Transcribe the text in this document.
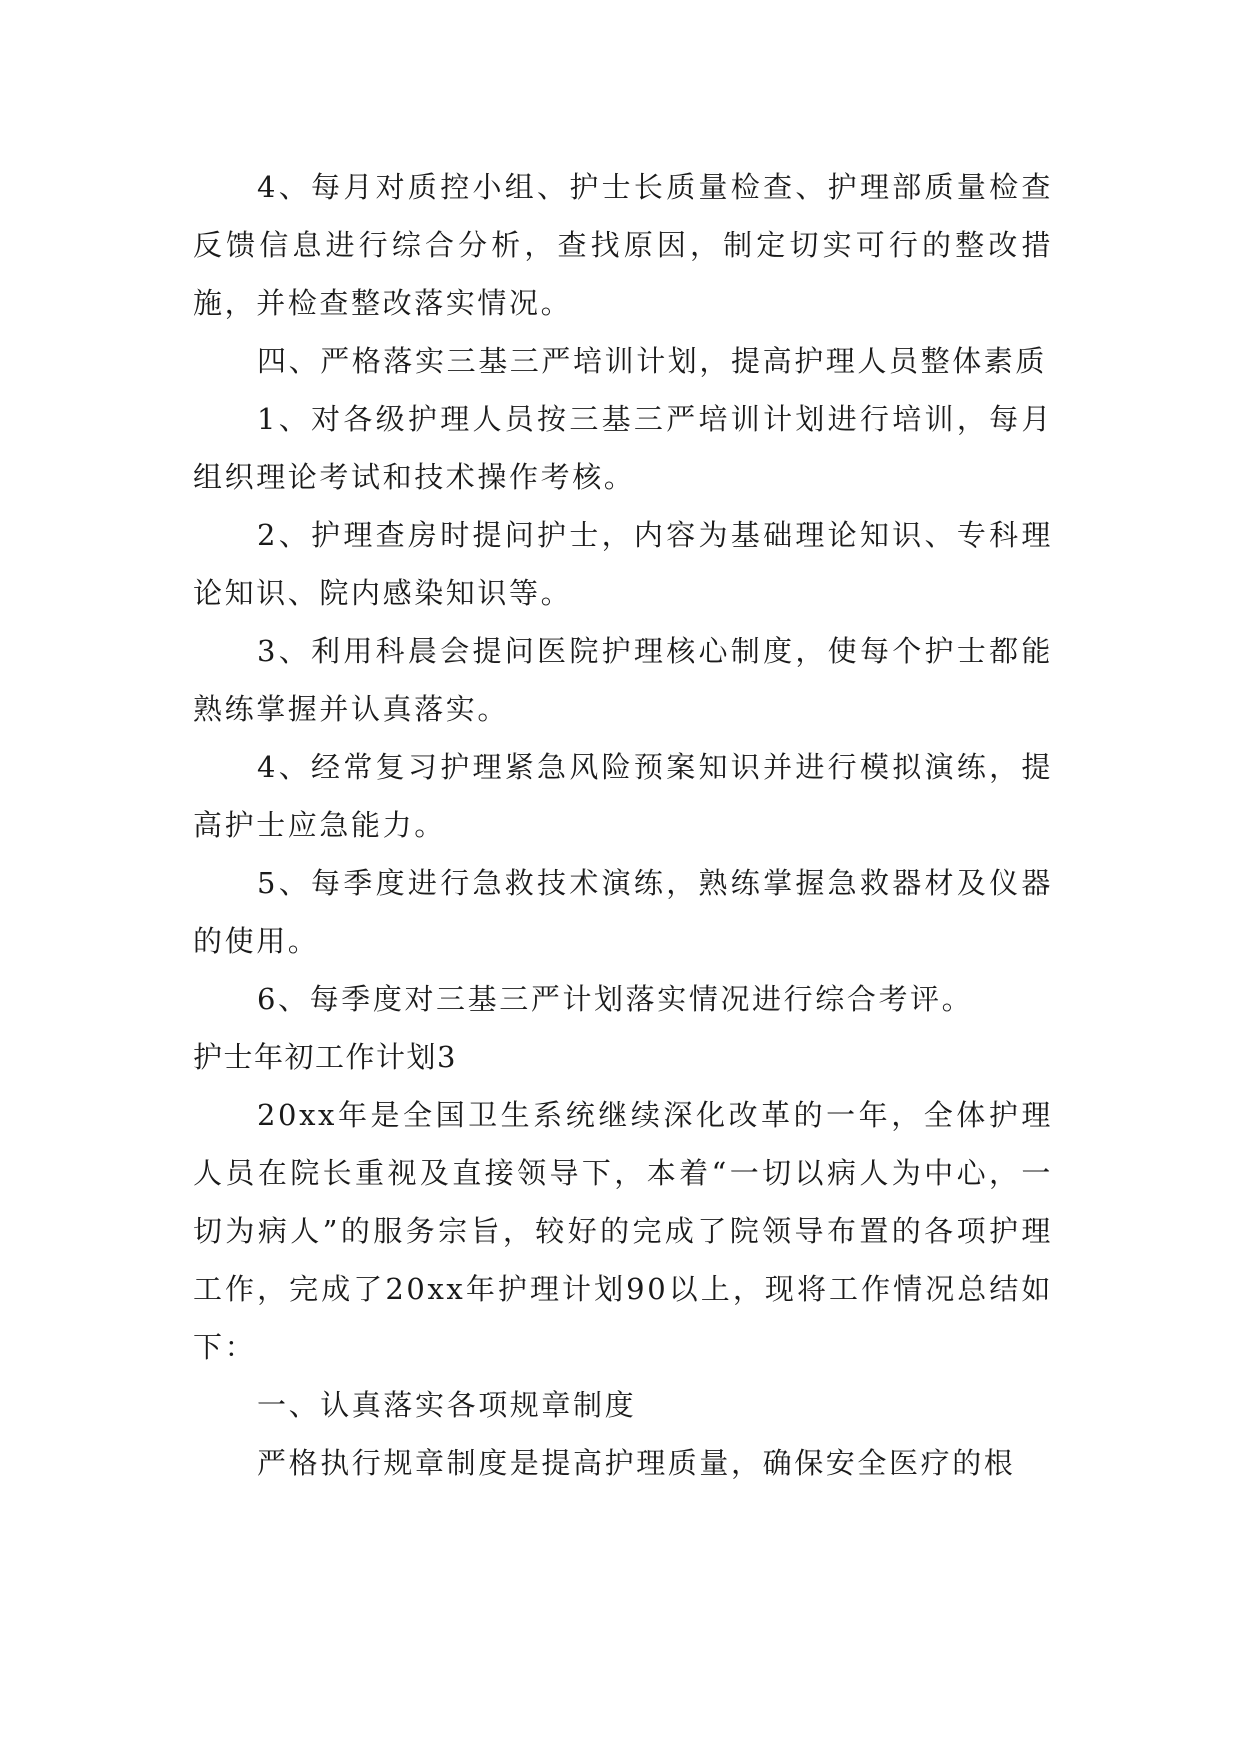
4、每月对质控小组、护士长质量检查、护理部质量检查反馈信息进行综合分析，查找原因，制定切实可行的整改措施，并检查整改落实情况。

四、严格落实三基三严培训计划，提高护理人员整体素质

1、对各级护理人员按三基三严培训计划进行培训，每月组织理论考试和技术操作考核。

2、护理查房时提问护士，内容为基础理论知识、专科理论知识、院内感染知识等。

3、利用科晨会提问医院护理核心制度，使每个护士都能熟练掌握并认真落实。

4、经常复习护理紧急风险预案知识并进行模拟演练，提高护士应急能力。

5、每季度进行急救技术演练，熟练掌握急救器材及仪器的使用。

6、每季度对三基三严计划落实情况进行综合考评。

护士年初工作计划3

20xx年是全国卫生系统继续深化改革的一年，全体护理人员在院长重视及直接领导下，本着“一切以病人为中心，一切为病人”的服务宗旨，较好的完成了院领导布置的各项护理工作，完成了20xx年护理计划90以上，现将工作情况总结如下：

一、认真落实各项规章制度

严格执行规章制度是提高护理质量，确保安全医疗的根
